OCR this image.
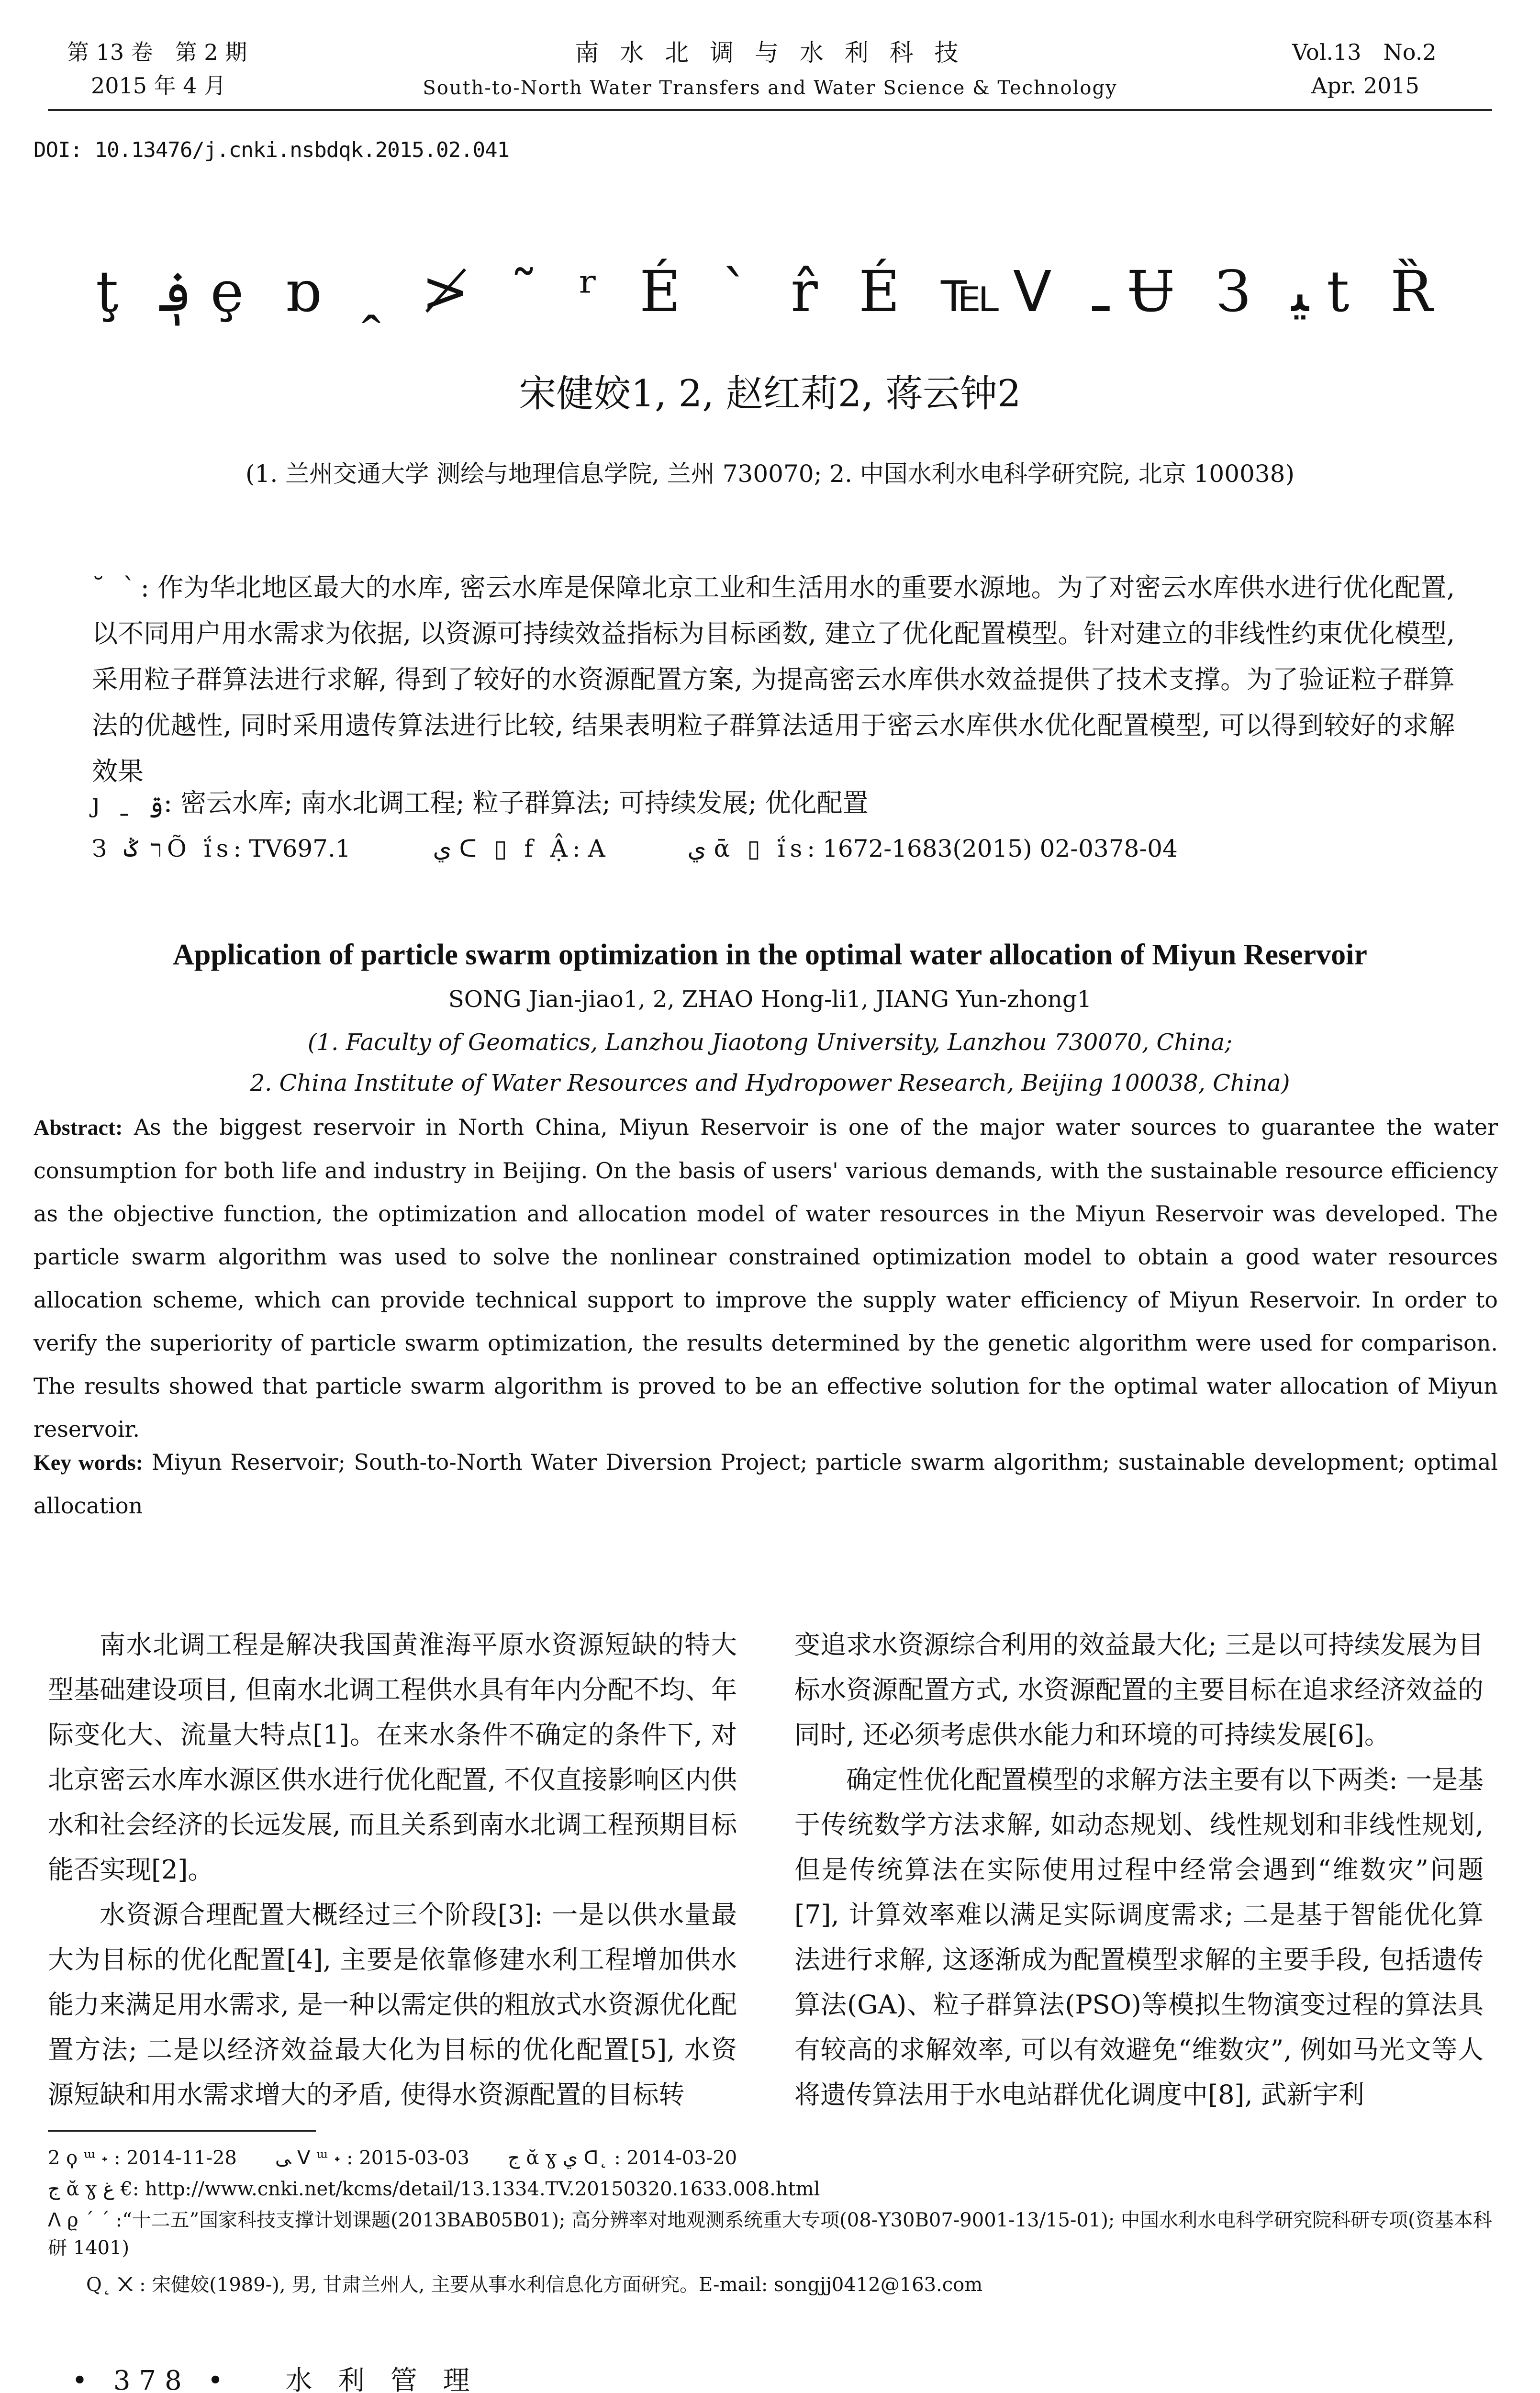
第 13 卷　第 2 期
2015 年 4 月
南 水 北 调 与 水 利 科 技
South-to-North Water Transfers and Water Science & Technology
Vol.13　No.2
Apr. 2015
DOI: 10.13476/j.cnki.nsbdqk.2015.02.041
ţ ؋ ȩ ɒ ꞈ ≯ ˜ ʳ É ˋ r̂ É ℡ᐯ ـ Ʉ З ﯿ t Ȑ
宋健姣1, 2, 赵红莉2, 蒋云钟2
(1. 兰州交通大学 测绘与地理信息学院, 兰州 730070; 2. 中国水利水电科学研究院, 北京 100038)
˘ ˋ: 作为华北地区最大的水库, 密云水库是保障北京工业和生活用水的重要水源地。为了对密云水库供水进行优化配置, 以不同用户用水需求为依据, 以资源可持续效益指标为目标函数, 建立了优化配置模型。针对建立的非线性约束优化模型, 采用粒子群算法进行求解, 得到了较好的水资源配置方案, 为提高密云水库供水效益提供了技术支撑。为了验证粒子群算法的优越性, 同时采用遗传算法进行比较, 结果表明粒子群算法适用于密云水库供水优化配置模型, 可以得到较好的求解效果
ȷ ˍ ۊ: 密云水库; 南水北调工程; 粒子群算法; 可持续发展; 优化配置
З ר ݣÕ ḯs: TV697.1	ﻱ ᑕ ▯ f Ậ: A	ﻱ ᾱ ▯ ḯs: 1672-1683(2015) 02-0378-04
Application of particle swarm optimization in the optimal water allocation of Miyun Reservoir
SONG Jian-jiao1, 2, ZHAO Hong-li1, JIANG Yun-zhong1
(1. Faculty of Geomatics, Lanzhou Jiaotong University, Lanzhou 730070, China;
2. China Institute of Water Resources and Hydropower Research, Beijing 100038, China)
Abstract: As the biggest reservoir in North China, Miyun Reservoir is one of the major water sources to guarantee the water consumption for both life and industry in Beijing. On the basis of users' various demands, with the sustainable resource efficiency as the objective function, the optimization and allocation model of water resources in the Miyun Reservoir was developed. The particle swarm algorithm was used to solve the nonlinear constrained optimization model to obtain a good water resources allocation scheme, which can provide technical support to improve the supply water efficiency of Miyun Reservoir. In order to verify the superiority of particle swarm optimization, the results determined by the genetic algorithm were used for comparison. The results showed that particle swarm algorithm is proved to be an effective solution for the optimal water allocation of Miyun reservoir.
Key words: Miyun Reservoir; South-to-North Water Diversion Project; particle swarm algorithm; sustainable development; optimal allocation

南水北调工程是解决我国黄淮海平原水资源短缺的特大型基础建设项目, 但南水北调工程供水具有年内分配不均、年际变化大、流量大特点[1]。在来水条件不确定的条件下, 对北京密云水库水源区供水进行优化配置, 不仅直接影响区内供水和社会经济的长远发展, 而且关系到南水北调工程预期目标能否实现[2]。

水资源合理配置大概经过三个阶段[3]: 一是以供水量最大为目标的优化配置[4], 主要是依靠修建水利工程增加供水能力来满足用水需求, 是一种以需定供的粗放式水资源优化配置方法; 二是以经济效益最大化为目标的优化配置[5], 水资源短缺和用水需求增大的矛盾, 使得水资源配置的目标转

变追求水资源综合利用的效益最大化; 三是以可持续发展为目标水资源配置方式, 水资源配置的主要目标在追求经济效益的同时, 还必须考虑供水能力和环境的可持续发展[6]。

确定性优化配置模型的求解方法主要有以下两类: 一是基于传统数学方法求解, 如动态规划、线性规划和非线性规划, 但是传统算法在实际使用过程中经常会遇到“维数灾”问题[7], 计算效率难以满足实际调度需求; 二是基于智能优化算法进行求解, 这逐渐成为配置模型求解的主要手段, 包括遗传算法(GA)、粒子群算法(PSO)等模拟生物演变过程的算法具有较高的求解效率, 可以有效避免“维数灾”, 例如马光文等人将遗传算法用于水电站群优化调度中[8], 武新宇利

2 ϙ ᵚ ˖ : 2014-11-28　　ﻰ ᐯ ᵚ ˖ : 2015-03-03　　ج ᾰ ɣ ﻱ ᗡ˛ : 2014-03-20
ج ᾰ ɣ ﻍ €: http://www.cnki.net/kcms/detail/13.1334.TV.20150320.1633.008.html
ᐱ ϱ ´ ˊ :“十二五”国家科技支撑计划课题(2013BAB05B01); 高分辨率对地观测系统重大专项(08-Y30B07-9001-13/15-01); 中国水利水电科学研究院科研专项(资基本科研 1401)
Q˛ ᙭ : 宋健姣(1989-), 男, 甘肃兰州人, 主要从事水利信息化方面研究。E-mail: songjj0412@163.com
• 378 • 水 利 管 理
